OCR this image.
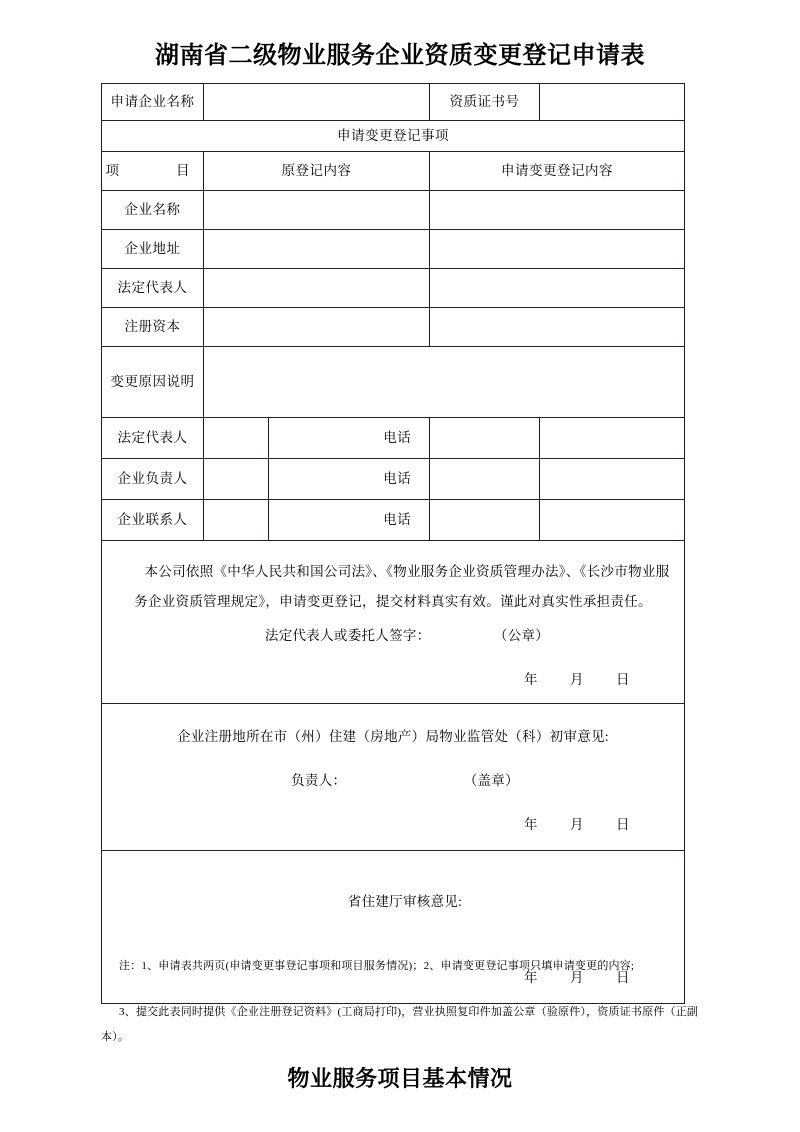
湖南省二级物业服务企业资质变更登记申请表
申请企业名称				资质证书号	
申请变更登记事项					
项　　目	原登记内容			申请变更登记内容	
企业名称					
企业地址					
法定代表人					
注册资本					
变更原因说明					
法定代表人			电话		
企业负责人			电话		
企业联系人			电话		

本公司依照《中华人民共和国公司法》、《物业服务企业资质管理办法》、《长沙市物业服务企业资质管理规定》，申请变更登记，提交材料真实有效。谨此对真实性承担责任。

法定代表人或委托人签字： （公章）

年 月 日					

企业注册地所在市（州）住建（房地产）局物业监管处（科）初审意见:

负责人： （盖章）

年 月 日					

省住建厅审核意见:

年 月 日					

注：1、申请表共两页(申请变更事登记事项和项目服务情况)；2、申请变更登记事项只填申请变更的内容;
3、提交此表同时提供《企业注册登记资料》(工商局打印)，营业执照复印件加盖公章（验原件），资质证书原件（正副本）。
物业服务项目基本情况
